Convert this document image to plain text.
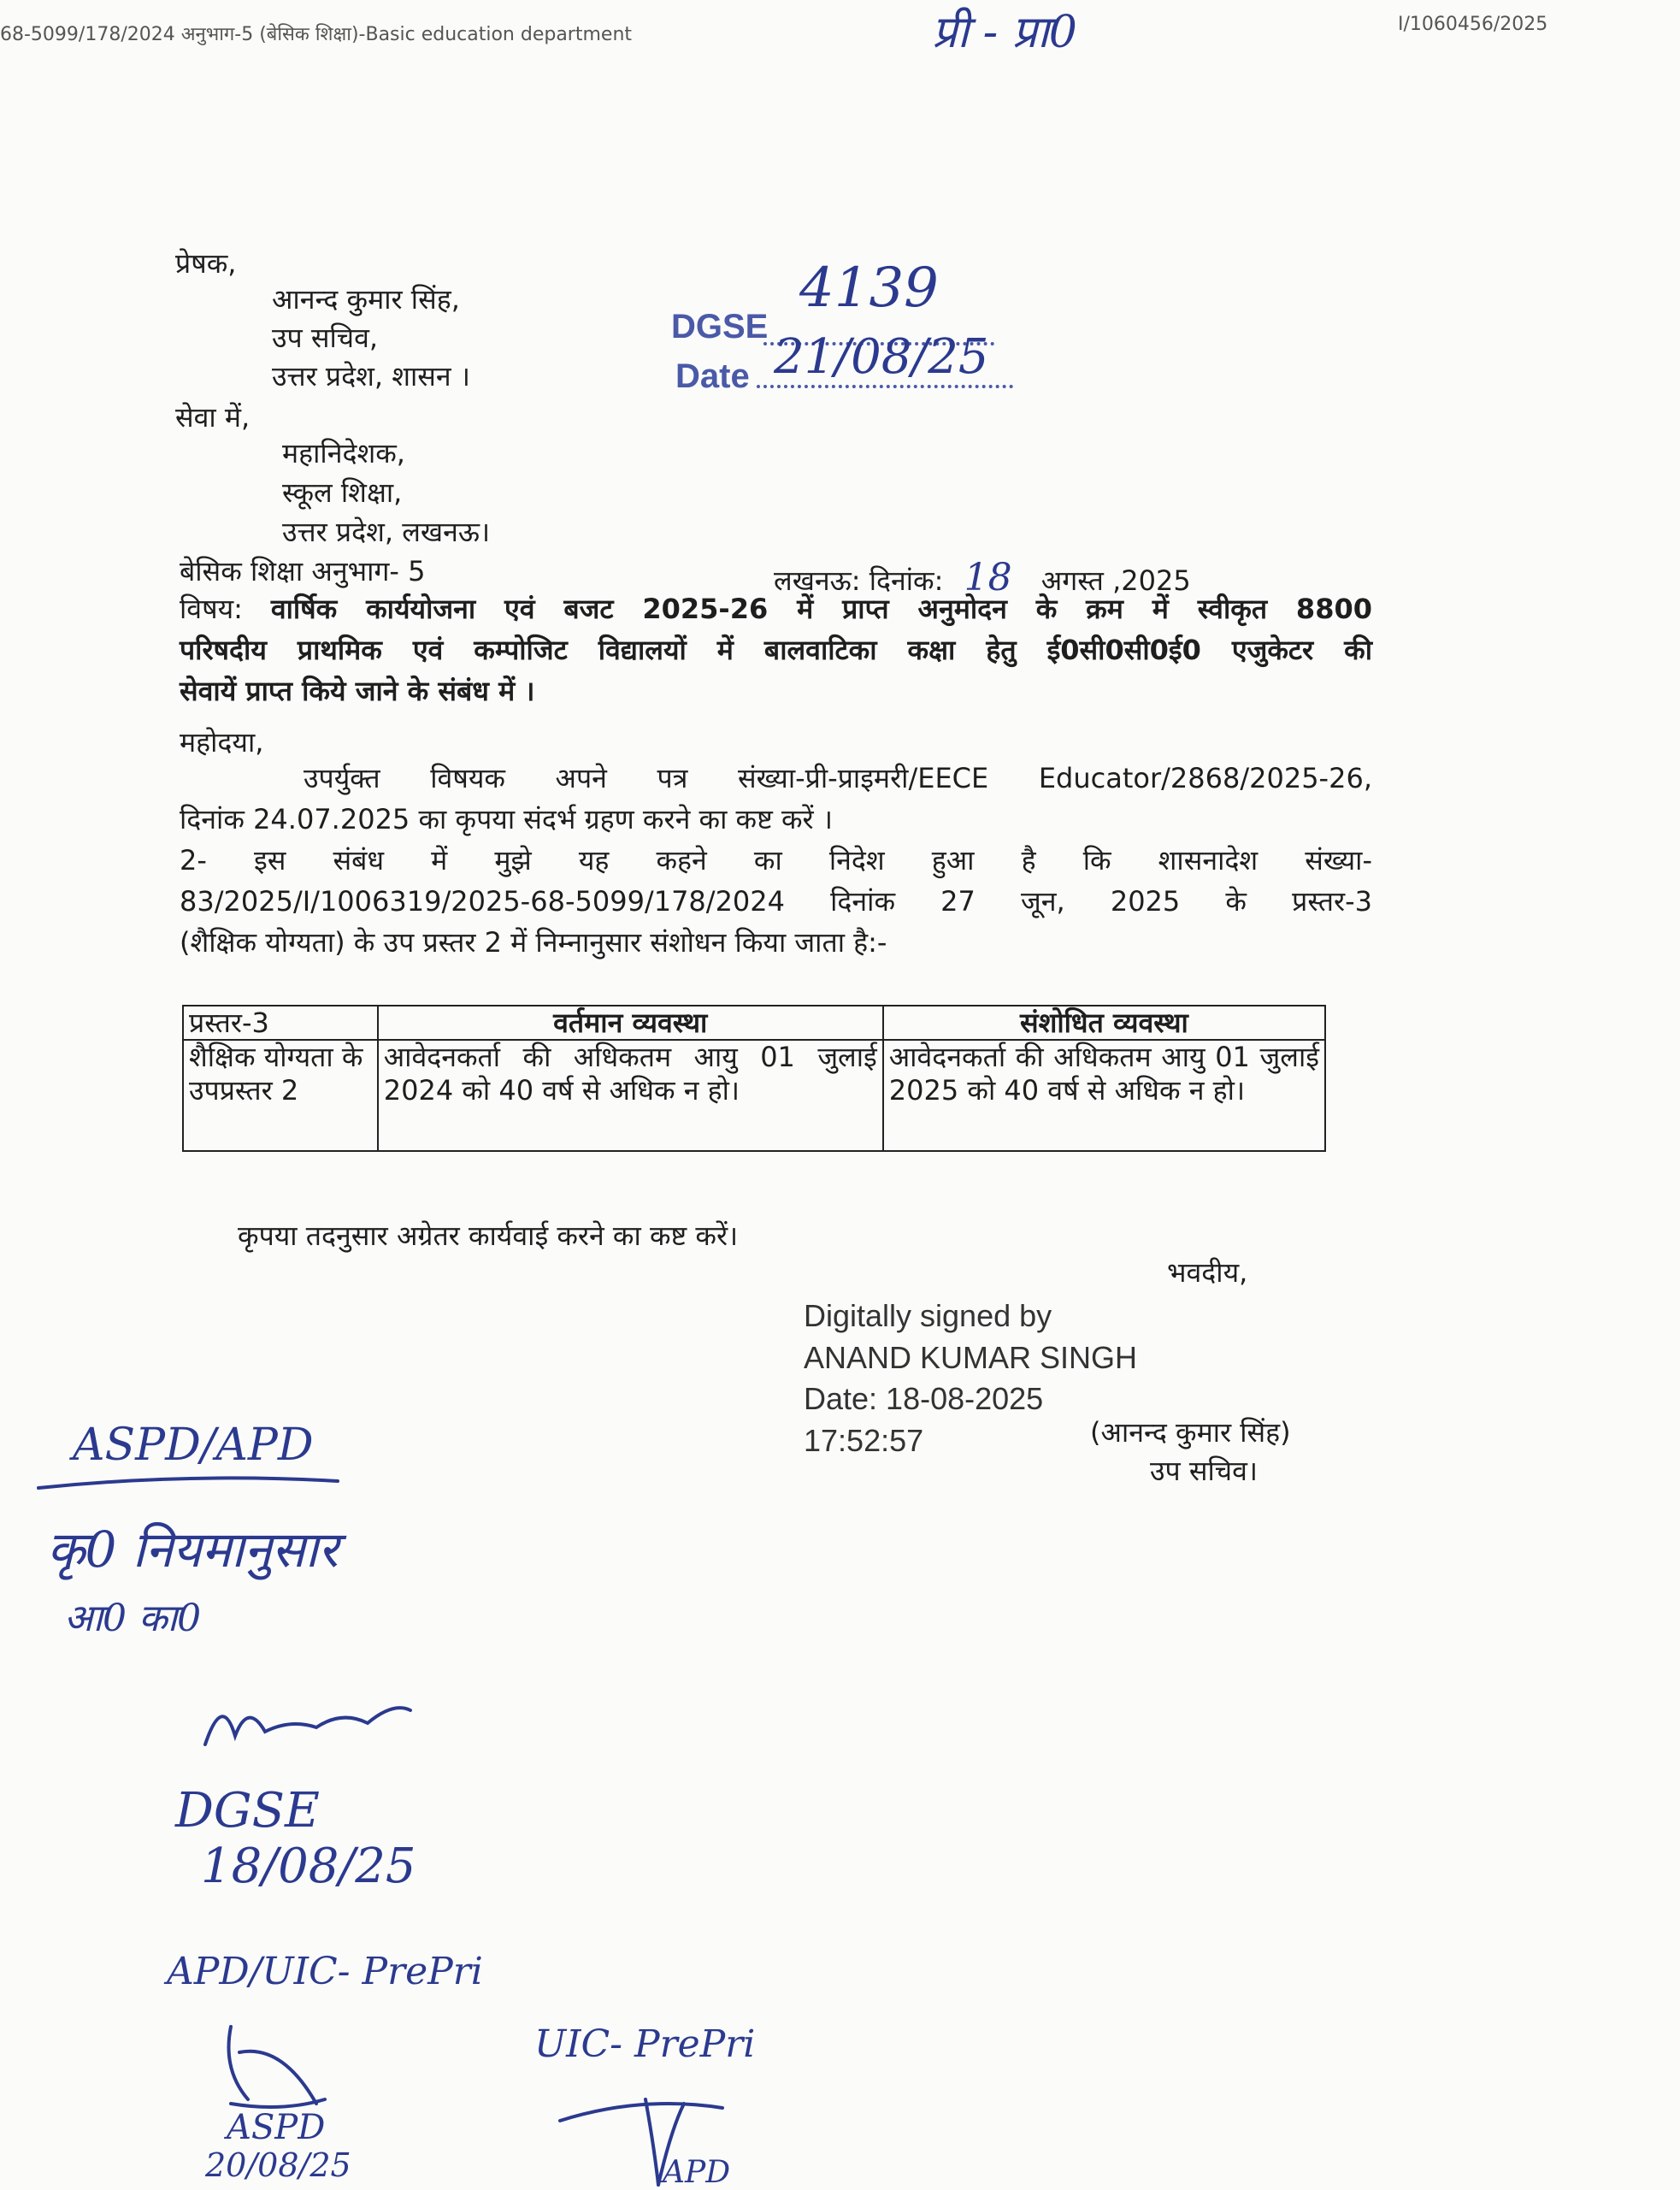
68-5099/178/2024 अनुभाग-5 (बेसिक शिक्षा)-Basic education department	प्री - प्रा0	I/1060456/2025
DGSE
4139
Date 21/08/25
प्रेषक,
आनन्द कुमार सिंह,
उप सचिव,
उत्तर प्रदेश, शासन ।
सेवा में,
महानिदेशक,
स्कूल शिक्षा,
उत्तर प्रदेश, लखनऊ।
बेसिक शिक्षा अनुभाग- 5	लखनऊ: दिनांक: 18 अगस्त ,2025
विषय: वार्षिक कार्ययोजना एवं बजट 2025-26 में प्राप्त अनुमोदन के क्रम में स्वीकृत 8800
परिषदीय प्राथमिक एवं कम्पोजिट विद्यालयों में बालवाटिका कक्षा हेतु ई0सी0सी0ई0 एजुकेटर की
सेवायें प्राप्त किये जाने के संबंध में ।
महोदया,
उपर्युक्त विषयक अपने पत्र संख्या-प्री-प्राइमरी/EECE Educator/2868/2025-26,
दिनांक 24.07.2025 का कृपया संदर्भ ग्रहण करने का कष्ट करें ।
2- इस संबंध में मुझे यह कहने का निदेश हुआ है कि शासनादेश संख्या-
83/2025/I/1006319/2025-68-5099/178/2024 दिनांक 27 जून, 2025 के प्रस्तर-3
(शैक्षिक योग्यता) के उप प्रस्तर 2 में निम्नानुसार संशोधन किया जाता है:-
प्रस्तर-3	वर्तमान व्यवस्था	संशोधित व्यवस्था
शैक्षिक योग्यता के उपप्रस्तर 2	आवेदनकर्ता की अधिकतम आयु 01 जुलाई 2024 को 40 वर्ष से अधिक न हो।	आवेदनकर्ता की अधिकतम आयु 01 जुलाई 2025 को 40 वर्ष से अधिक न हो।
कृपया तदनुसार अग्रेतर कार्यवाई करने का कष्ट करें।
भवदीय,
Digitally signed by
ANAND KUMAR SINGH
Date: 18-08-2025
17:52:57	(आनन्द कुमार सिंह)
उप सचिव।
ASPD/APD
कृ0 नियमानुसार
आ0 का0
DGSE
18/08/25
APD/UIC- PrePri
ASPD
20/08/25
UIC- PrePri
APD
